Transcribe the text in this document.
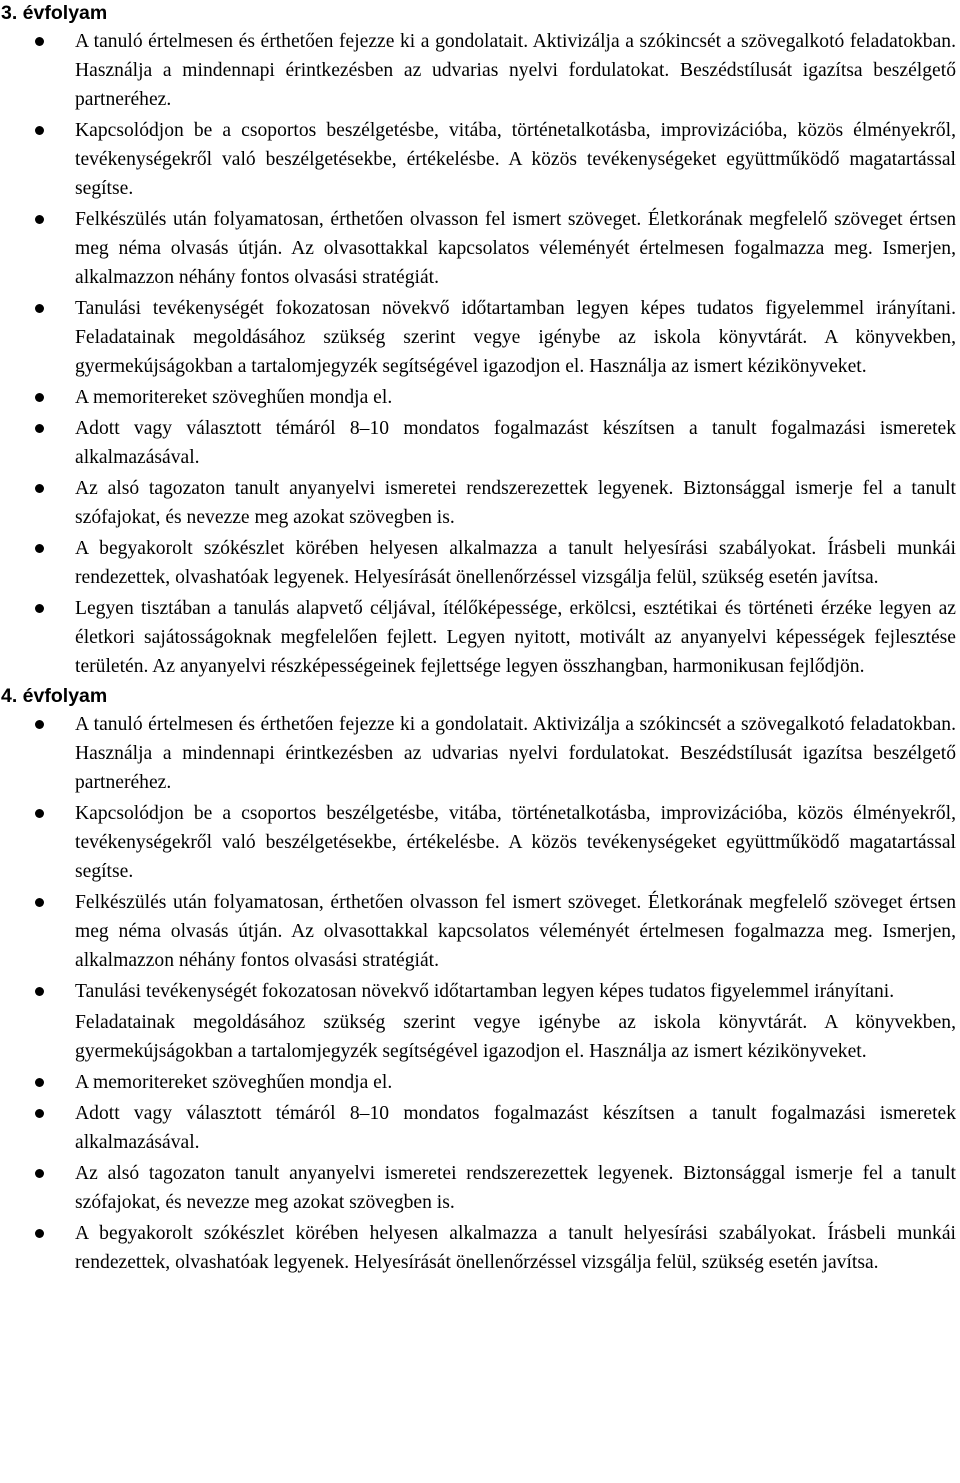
3. évfolyam
A tanuló értelmesen és érthetően fejezze ki a gondolatait. Aktivizálja a szókincsét a szövegalkotó feladatokban. Használja a mindennapi érintkezésben az udvarias nyelvi fordulatokat. Beszédstílusát igazítsa beszélgető partneréhez.
Kapcsolódjon be a csoportos beszélgetésbe, vitába, történetalkotásba, improvizációba, közös élményekről, tevékenységekről való beszélgetésekbe, értékelésbe. A közös tevékenységeket együttműködő magatartással segítse.
Felkészülés után folyamatosan, érthetően olvasson fel ismert szöveget. Életkorának megfelelő szöveget értsen meg néma olvasás útján. Az olvasottakkal kapcsolatos véleményét értelmesen fogalmazza meg. Ismerjen, alkalmazzon néhány fontos olvasási stratégiát.
Tanulási tevékenységét fokozatosan növekvő időtartamban legyen képes tudatos figyelemmel irányítani. Feladatainak megoldásához szükség szerint vegye igénybe az iskola könyvtárát. A könyvekben, gyermekújságokban a tartalomjegyzék segítségével igazodjon el. Használja az ismert kézikönyveket.
A memoritereket szöveghűen mondja el.
Adott vagy választott témáról 8–10 mondatos fogalmazást készítsen a tanult fogalmazási ismeretek alkalmazásával.
Az alsó tagozaton tanult anyanyelvi ismeretei rendszerezettek legyenek. Biztonsággal ismerje fel a tanult szófajokat, és nevezze meg azokat szövegben is.
A begyakorolt szókészlet körében helyesen alkalmazza a tanult helyesírási szabályokat. Írásbeli munkái rendezettek, olvashatóak legyenek. Helyesírását önellenőrzéssel vizsgálja felül, szükség esetén javítsa.
Legyen tisztában a tanulás alapvető céljával, ítélőképessége, erkölcsi, esztétikai és történeti érzéke legyen az életkori sajátosságoknak megfelelően fejlett. Legyen nyitott, motivált az anyanyelvi képességek fejlesztése területén. Az anyanyelvi részképességeinek fejlettsége legyen összhangban, harmonikusan fejlődjön.
4. évfolyam
A tanuló értelmesen és érthetően fejezze ki a gondolatait. Aktivizálja a szókincsét a szövegalkotó feladatokban. Használja a mindennapi érintkezésben az udvarias nyelvi fordulatokat. Beszédstílusát igazítsa beszélgető partneréhez.
Kapcsolódjon be a csoportos beszélgetésbe, vitába, történetalkotásba, improvizációba, közös élményekről, tevékenységekről való beszélgetésekbe, értékelésbe. A közös tevékenységeket együttműködő magatartással segítse.
Felkészülés után folyamatosan, érthetően olvasson fel ismert szöveget. Életkorának megfelelő szöveget értsen meg néma olvasás útján. Az olvasottakkal kapcsolatos véleményét értelmesen fogalmazza meg. Ismerjen, alkalmazzon néhány fontos olvasási stratégiát.
Tanulási tevékenységét fokozatosan növekvő időtartamban legyen képes tudatos figyelemmel irányítani.
Feladatainak megoldásához szükség szerint vegye igénybe az iskola könyvtárát. A könyvekben, gyermekújságokban a tartalomjegyzék segítségével igazodjon el. Használja az ismert kézikönyveket.
A memoritereket szöveghűen mondja el.
Adott vagy választott témáról 8–10 mondatos fogalmazást készítsen a tanult fogalmazási ismeretek alkalmazásával.
Az alsó tagozaton tanult anyanyelvi ismeretei rendszerezettek legyenek. Biztonsággal ismerje fel a tanult szófajokat, és nevezze meg azokat szövegben is.
A begyakorolt szókészlet körében helyesen alkalmazza a tanult helyesírási szabályokat. Írásbeli munkái rendezettek, olvashatóak legyenek. Helyesírását önellenőrzéssel vizsgálja felül, szükség esetén javítsa.
